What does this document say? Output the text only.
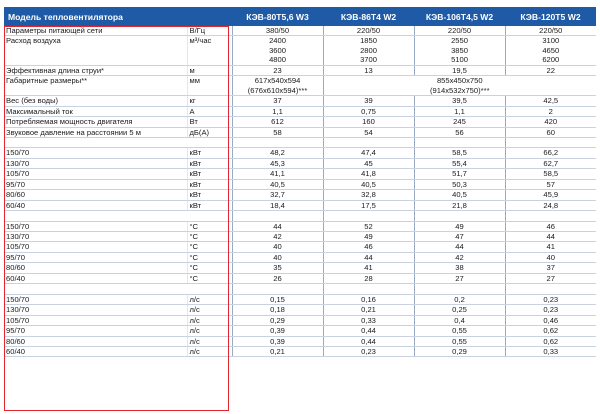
Модель тепловентилятора		КЭВ-80Т5,6 W3	КЭВ-86Т4 W2	КЭВ-106Т4,5 W2	КЭВ-120Т5 W2
Параметры питающей сети	В/Гц	380/50	220/50	220/50	220/50
Расход воздуха	м³/час	2400	1850	2550	3100
		3600	2800	3850	4650
		4800	3700	5100	6200
Эффективная длина струи*	м	23	13	19,5	22
Габаритные размеры**	мм	617x540x594	855x450x750		
		(676x610x594)***	(914x532x750)***		
Вес (без воды)	кг	37	39	39,5	42,5
Максимальный ток	А	1,1	0,75	1,1	2
Потребляемая мощность двигателя	Вт	612	160	245	420
Звуковое давление на расстоянии 5 м	дБ(А)	58	54	56	60

150/70	кВт	48,2	47,4	58,5	66,2
130/70	кВт	45,3	45	55,4	62,7
105/70	кВт	41,1	41,8	51,7	58,5
95/70	кВт	40,5	40,5	50,3	57
80/60	кВт	32,7	32,8	40,5	45,9
60/40	кВт	18,4	17,5	21,8	24,8

150/70	°С	44	52	49	46
130/70	°С	42	49	47	44
105/70	°С	40	46	44	41
95/70	°С	40	44	42	40
80/60	°С	35	41	38	37
60/40	°С	26	28	27	27

150/70	л/с	0,15	0,16	0,2	0,23
130/70	л/с	0,18	0,21	0,25	0,23
105/70	л/с	0,29	0,33	0,4	0,46
95/70	л/с	0,39	0,44	0,55	0,62
80/60	л/с	0,39	0,44	0,55	0,62
60/40	л/с	0,21	0,23	0,29	0,33
